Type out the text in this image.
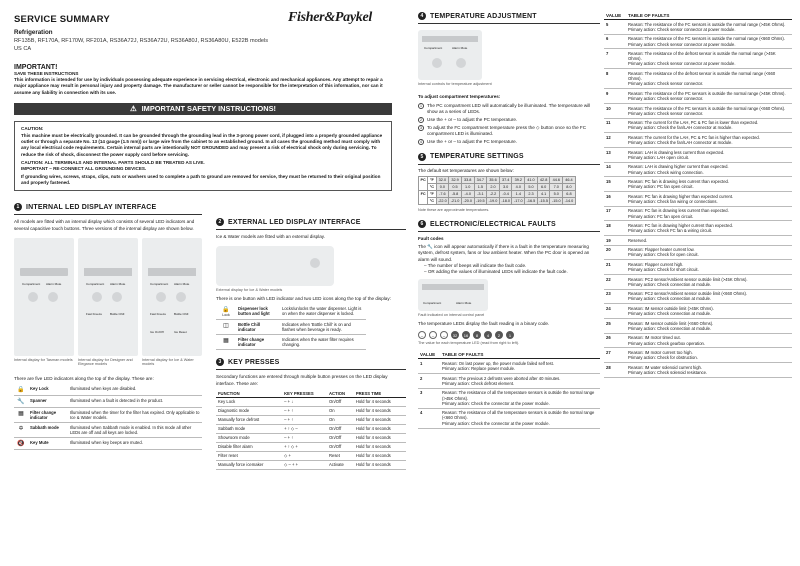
SERVICE SUMMARY
Refrigeration
RF135B, RF170A, RF170W, RF201A, RS36A72J, RS36A72U, RS36A80J, RS36A80U, E522B models
US CA
IMPORTANT!
SAVE THESE INSTRUCTIONS
This information is intended for use by individuals possessing adequate experience in servicing electrical, electronic and mechanical appliances. Any attempt to repair a major appliance may result in personal injury and property damage. The manufacturer or seller cannot be responsible for the interpretation of this information, nor can it assume any liability in connection with its use.
⚠ IMPORTANT SAFETY INSTRUCTIONS!
CAUTION:
This machine must be electrically grounded. It can be grounded through the grounding lead in the 3-prong power cord, if plugged into a properly grounded appliance outlet or through a separate No. 13 (14 gauge (1.5 mm)) or large wire from the cabinet to an established ground. In all cases the grounding method must comply with any local electrical code requirements. Certain internal parts are intentionally NOT GROUNDED and may present a risk of electrical shock only during servicing. To reduce the risk of shock, disconnect the power supply cord before servicing.
CAUTION: ALL TERMINALS AND INTERNAL PARTS SHOULD BE TREATED AS LIVE.
IMPORTANT – RE-CONNECT ALL GROUNDING DEVICES.
If grounding wires, screws, straps, clips, nuts or washers used to complete a path to ground are removed for service, they must be returned to their original position and properly fastened.
1 INTERNAL LED DISPLAY INTERFACE
All models are fitted with an internal display which consists of several LED indicators and several capacitive touch buttons. Three versions of the internal display are shown below.
Compartment Alarm Mute	Compartment Alarm Mute
Fast Freeze	Bottle Chill
Compartment Alarm Mute
Fast Freeze	Bottle Chill
Ice On/Off	Ice Reset
Internal display for Tasman models	Internal display for Designer and Elegance models
Internal display for Ice & Water models
There are five LED indicators along the top of the display. These are:
🔒	Key Lock	Illuminated when keys are disabled.
🔧	Spanner	Illuminated when a fault is detected in the product.
▦	Filter change indicator	Illuminated when the timer for the filter has expired. Only applicable to Ice & Water models.
✡	Sabbath mode	Illuminated when Sabbath mode is enabled. In this mode all other LEDs are off and all keys are locked.
🔇	Key Mute	Illuminated when key beeps are muted.
Fisher&Paykel
2 EXTERNAL LED DISPLAY INTERFACE
Ice & Water models are fitted with an external display.
External display for Ice & Water models
There is one button with LED indicator and two LED icons along the top of the display:
🔒
Lock	Dispenser lock button and light	Locks/unlocks the water dispenser. Light is on when the water dispenser is locked.
◫	Bottle Chill indicator	Indicates when 'Bottle Chill' is on and flashes when beverage is ready.
▦	Filter change indicator	Indicates when the water filter requires changing.
3 KEY PRESSES
Secondary functions are entered through multiple button presses on the LED display interface. These are:
FUNCTION	KEY PRESSES	ACTION	PRESS TIME
Key Lock	– + ↓	On/Off	Hold for 4 seconds
Diagnostic mode	– + ↑	On	Hold for 4 seconds
Manually force defrost	– + ↑	On	Hold for 4 seconds
Sabbath mode	+ ↑ ◇ –	On/Off	Hold for 4 seconds
Showroom mode	– + ↑	On/Off	Hold for 4 seconds
Disable filter alarm	+ ↑ ◇ +	On/Off	Hold for 4 seconds
Filter reset	◇ +	Reset	Hold for 4 seconds
Manually force icemaker	◇ – + +	Activate	Hold for 4 seconds
4 TEMPERATURE ADJUSTMENT
Compartment	Alarm Mute
Internal controls for temperature adjustment
To adjust compartment temperatures:
1	The PC compartment LED will automatically be illuminated. The temperature will show as a series of LEDs.
2	Use the + or – to adjust the PC temperature.
3	To adjust the FC compartment temperature press the ◇ button once so the FC compartment LED is illuminated.
4	Use the + or – to adjust the FC temperature.
5 TEMPERATURE SETTINGS
The default set temperatures are shown below:
PC	°F	32.0	32.9	33.8	34.7	35.6	37.4	39.2	41.0	42.8	44.6	46.4
	°C	0.0	0.5	1.0	1.5	2.0	3.0	4.0	5.0	6.0	7.0	8.0
FC	°F	-7.6	-5.8	-4.0	-3.1	-2.2	-0.4	1.4	2.3	4.1	5.0	6.8
	°C	-22.0	-21.0	-20.0	-19.5	-19.0	-18.0	-17.0	-16.5	-15.5	-15.0	-14.0
Note these are approximate temperatures.
6 ELECTRONIC/ELECTRICAL FAULTS
Fault codes
The 🔧 icon will appear automatically if there is a fault in the temperature measuring system, defrost system, fans or low ambient heater. When the PC door is opened an alarm will sound.
– The number of beeps will indicate the fault code.
– OR adding the values of illuminated LEDs will indicate the fault code.
Compartment	Alarm Mute
Fault indicated on internal control panel
The temperature LEDs display the fault reading in a binary code.
–	–	–	32	16	8	4	2	1
The value for each temperature LED (read from right to left).
VALUE	TABLE OF FAULTS
1	Reason: On last power up, the power module failed self test.
Primary action: Replace power module.

2	Reason: The previous 2 defrosts were aborted after 40 minutes.
Primary action: Check defrost element.

3	Reason: The resistance of all the temperature sensors is outside the normal range (>45K Ohms).
Primary action: Check the connector at the power module.

4	Reason: The resistance of all the temperature sensors is outside the normal range (<660 Ohms).
Primary action: Check the connector at the power module.
VALUE	TABLE OF FAULTS
5	Reason: The resistance of the FC sensors is outside the normal range (>45K Ohms).
Primary action: Check sensor connector at power module.

6	Reason: The resistance of the FC sensors is outside the normal range (<660 Ohms).
Primary action: Check sensor connector at power module.

7	Reason: The resistance of the defrost sensor is outside the normal range (>45K Ohms).
Primary action: Check sensor connector at power module.

8	Reason: The resistance of the defrost sensor is outside the normal range (<660 Ohms).
Primary action: Check sensor connector.

9	Reason: The resistance of the PC sensors is outside the normal range (>45K Ohms).
Primary action: Check sensor connector.

10	Reason: The resistance of the PC sensors is outside the normal range (<660 Ohms).
Primary action: Check sensor connector.

11	Reason: The current for the LAH, PC & FC fan is lower than expected.
Primary action: Check the fan/LAH connector at module.

12	Reason: The current for the LAH, PC & FC fan is higher than expected.
Primary action: Check the fan/LAH connector at module.

13	Reason: LAH is drawing less current than expected.
Primary action: LAH open circuit.

14	Reason: LAH is drawing higher current than expected.
Primary action: Check wiring connection.

15	Reason: PC fan is drawing less current than expected.
Primary action: PC fan open circuit.

16	Reason: PC fan is drawing higher than expected current.
Primary action: Check fan wiring or connections.

17	Reason: FC fan is drawing less current than expected.
Primary action: FC fan open circuit.

18	Reason: FC fan is drawing higher current than expected.
Primary action: Check FC fan & wiring circuit.

19	Reserved.

20	Reason: Flapper heater current low.
Primary action: Check for open circuit.

21	Reason: Flapper current high.
Primary action: Check for short circuit.

22	Reason: PC2 sensor/Ambient sensor outside limit (>45K Ohms).
Primary action: Check connection at module.

23	Reason: PC2 sensor/Ambient sensor outside limit (<660 Ohms).
Primary action: Check connection at module.

24	Reason: IM sensor outside limit (>45K Ohms).
Primary action: Check connection at module.

25	Reason: IM sensor outside limit (<660 Ohms).
Primary action: Check connection at module.

26	Reason: IM motor timed out.
Primary action: Check gearbox operation.

27	Reason: IM motor current too high.
Primary action: Check for obstruction.

28	Reason: IM water solenoid current high.
Primary action: Check solenoid resistance.
